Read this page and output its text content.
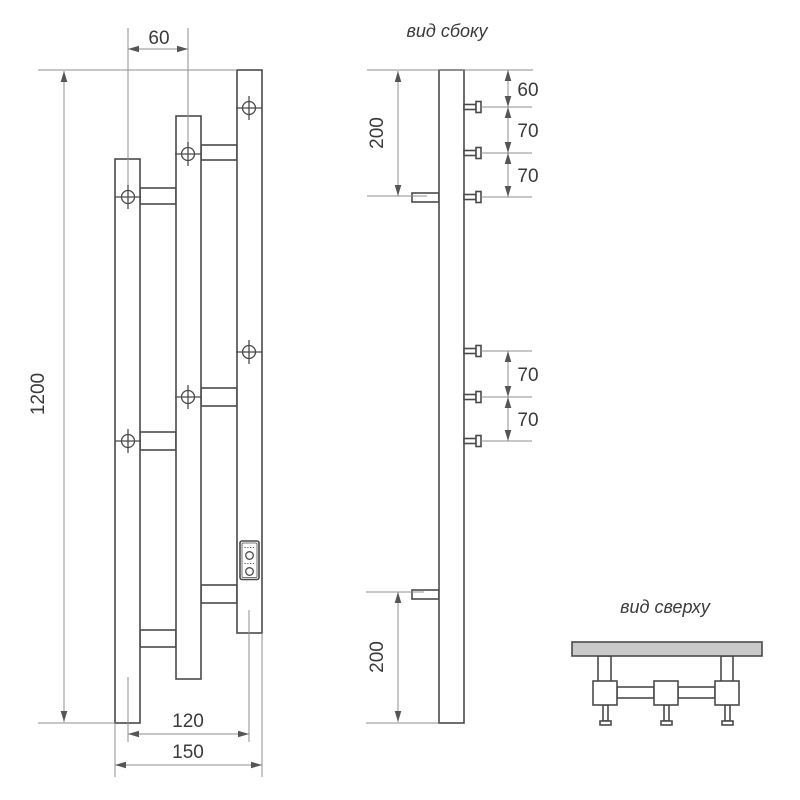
60
1200
120
150
вид сбоку
200
60
70
70
70
70
200
вид сверху
